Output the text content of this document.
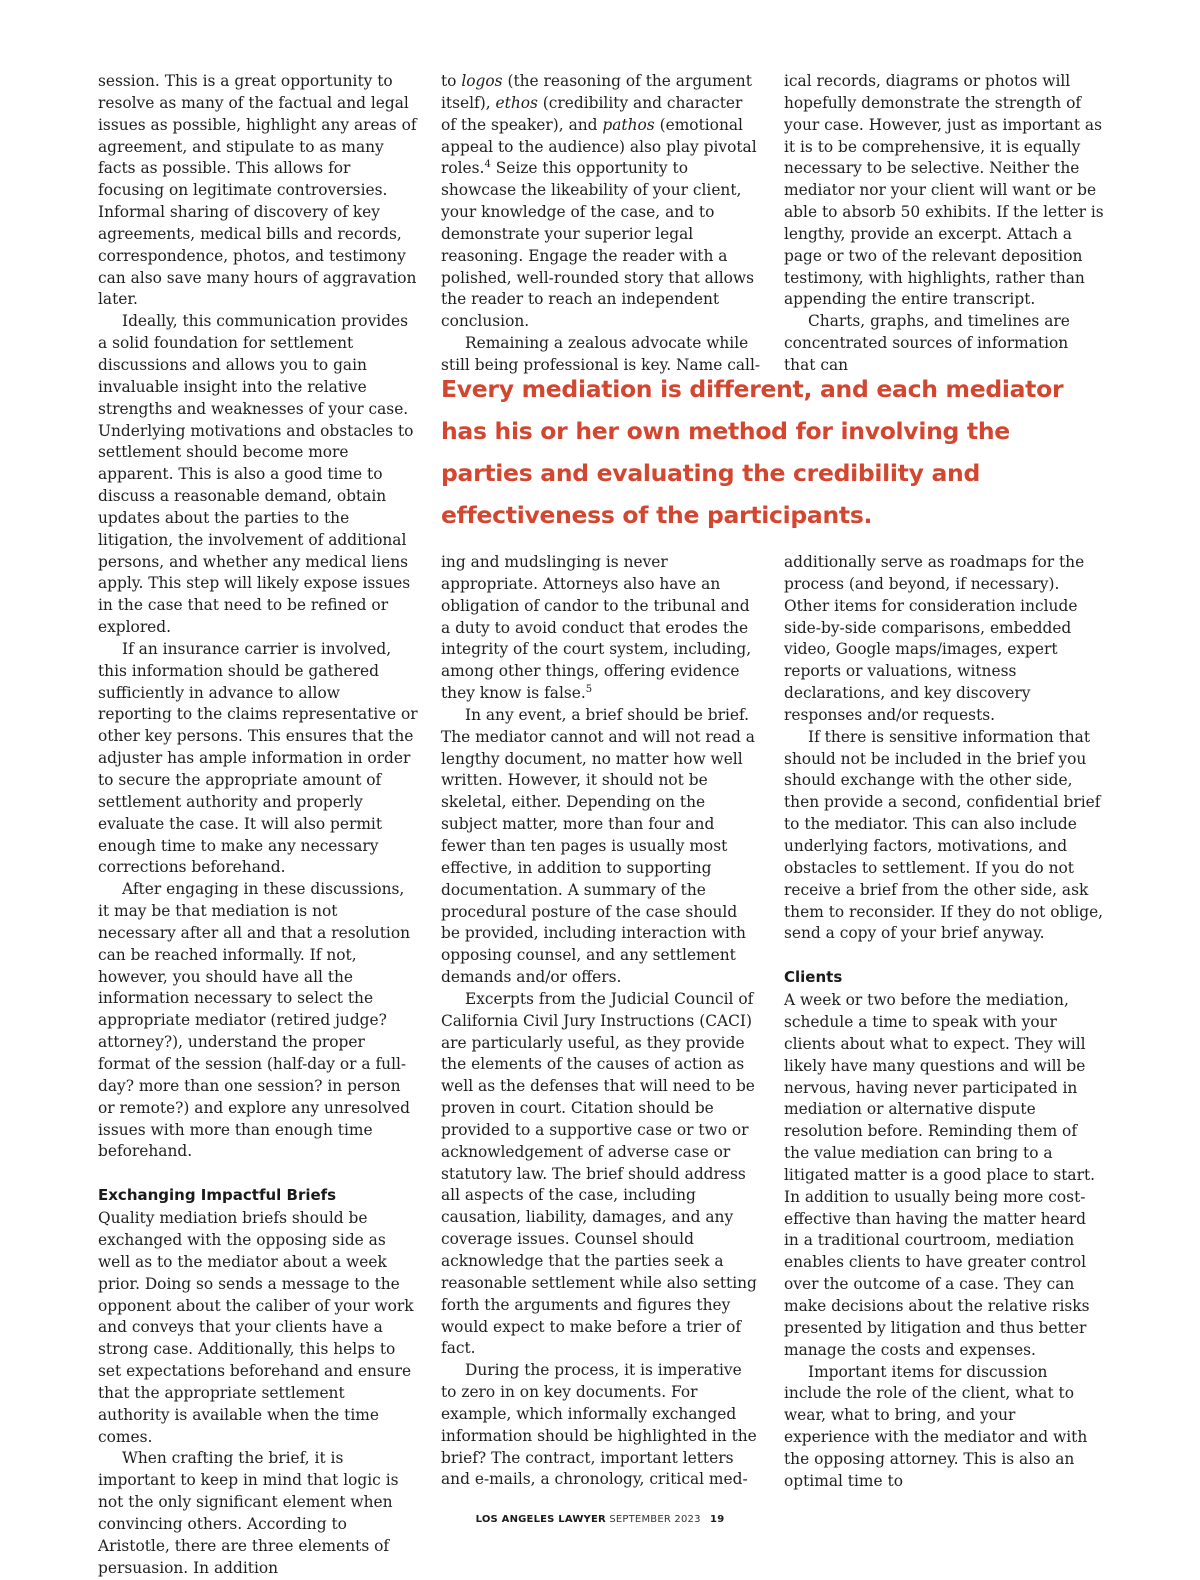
session. This is a great opportunity to resolve as many of the factual and legal issues as possible, highlight any areas of agreement, and stipulate to as many facts as possible. This allows for focusing on legitimate controversies. Informal sharing of discovery of key agreements, medical bills and records, correspondence, photos, and testimony can also save many hours of aggravation later.

Ideally, this communication provides a solid foundation for settlement discussions and allows you to gain invaluable insight into the relative strengths and weaknesses of your case. Underlying motivations and obstacles to settlement should become more apparent. This is also a good time to discuss a reasonable demand, obtain updates about the parties to the litigation, the involvement of additional persons, and whether any medical liens apply. This step will likely expose issues in the case that need to be refined or explored.

If an insurance carrier is involved, this information should be gathered sufficiently in advance to allow reporting to the claims representative or other key persons. This ensures that the adjuster has ample information in order to secure the appropriate amount of settlement authority and properly evaluate the case. It will also permit enough time to make any necessary corrections beforehand.

After engaging in these discussions, it may be that mediation is not necessary after all and that a resolution can be reached informally. If not, however, you should have all the information necessary to select the appropriate mediator (retired judge? attorney?), understand the proper format of the session (half-day or a full-day? more than one session? in person or remote?) and explore any unresolved issues with more than enough time beforehand.

Exchanging Impactful Briefs

Quality mediation briefs should be exchanged with the opposing side as well as to the mediator about a week prior. Doing so sends a message to the opponent about the caliber of your work and conveys that your clients have a strong case. Additionally, this helps to set expectations beforehand and ensure that the appropriate settlement authority is available when the time comes.

When crafting the brief, it is important to keep in mind that logic is not the only significant element when convincing others. According to Aristotle, there are three elements of persuasion. In addition

to logos (the reasoning of the argument itself), ethos (credibility and character of the speaker), and pathos (emotional appeal to the audience) also play pivotal roles.$^4$ Seize this opportunity to showcase the likeability of your client, your knowledge of the case, and to demonstrate your superior legal reasoning. Engage the reader with a polished, well-rounded story that allows the reader to reach an independent conclusion.

Remaining a zealous advocate while still being professional is key. Name call-

ical records, diagrams or photos will hopefully demonstrate the strength of your case. However, just as important as it is to be comprehensive, it is equally necessary to be selective. Neither the mediator nor your client will want or be able to absorb 50 exhibits. If the letter is lengthy, provide an excerpt. Attach a page or two of the relevant deposition testimony, with highlights, rather than appending the entire transcript.

Charts, graphs, and timelines are concentrated sources of information that can

Every mediation is different, and each mediator has his or her own method for involving the parties and evaluating the credibility and effectiveness of the participants.

ing and mudslinging is never appropriate. Attorneys also have an obligation of candor to the tribunal and a duty to avoid conduct that erodes the integrity of the court system, including, among other things, offering evidence they know is false.$^5$

In any event, a brief should be brief. The mediator cannot and will not read a lengthy document, no matter how well written. However, it should not be skeletal, either. Depending on the subject matter, more than four and fewer than ten pages is usually most effective, in addition to supporting documentation. A summary of the procedural posture of the case should be provided, including interaction with opposing counsel, and any settlement demands and/or offers.

Excerpts from the Judicial Council of California Civil Jury Instructions (CACI) are particularly useful, as they provide the elements of the causes of action as well as the defenses that will need to be proven in court. Citation should be provided to a supportive case or two or acknowledgement of adverse case or statutory law. The brief should address all aspects of the case, including causation, liability, damages, and any coverage issues. Counsel should acknowledge that the parties seek a reasonable settlement while also setting forth the arguments and figures they would expect to make before a trier of fact.

During the process, it is imperative to zero in on key documents. For example, which informally exchanged information should be highlighted in the brief? The contract, important letters and e-mails, a chronology, critical med-

additionally serve as roadmaps for the process (and beyond, if necessary). Other items for consideration include side-by-side comparisons, embedded video, Google maps/images, expert reports or valuations, witness declarations, and key discovery responses and/or requests.

If there is sensitive information that should not be included in the brief you should exchange with the other side, then provide a second, confidential brief to the mediator. This can also include underlying factors, motivations, and obstacles to settlement. If you do not receive a brief from the other side, ask them to reconsider. If they do not oblige, send a copy of your brief anyway.

Clients

A week or two before the mediation, schedule a time to speak with your clients about what to expect. They will likely have many questions and will be nervous, having never participated in mediation or alternative dispute resolution before. Reminding them of the value mediation can bring to a litigated matter is a good place to start. In addition to usually being more cost-effective than having the matter heard in a traditional courtroom, mediation enables clients to have greater control over the outcome of a case. They can make decisions about the relative risks presented by litigation and thus better manage the costs and expenses.

Important items for discussion include the role of the client, what to wear, what to bring, and your experience with the mediator and with the opposing attorney. This is also an optimal time to

LOS ANGELES LAWYER SEPTEMBER 2023 19
